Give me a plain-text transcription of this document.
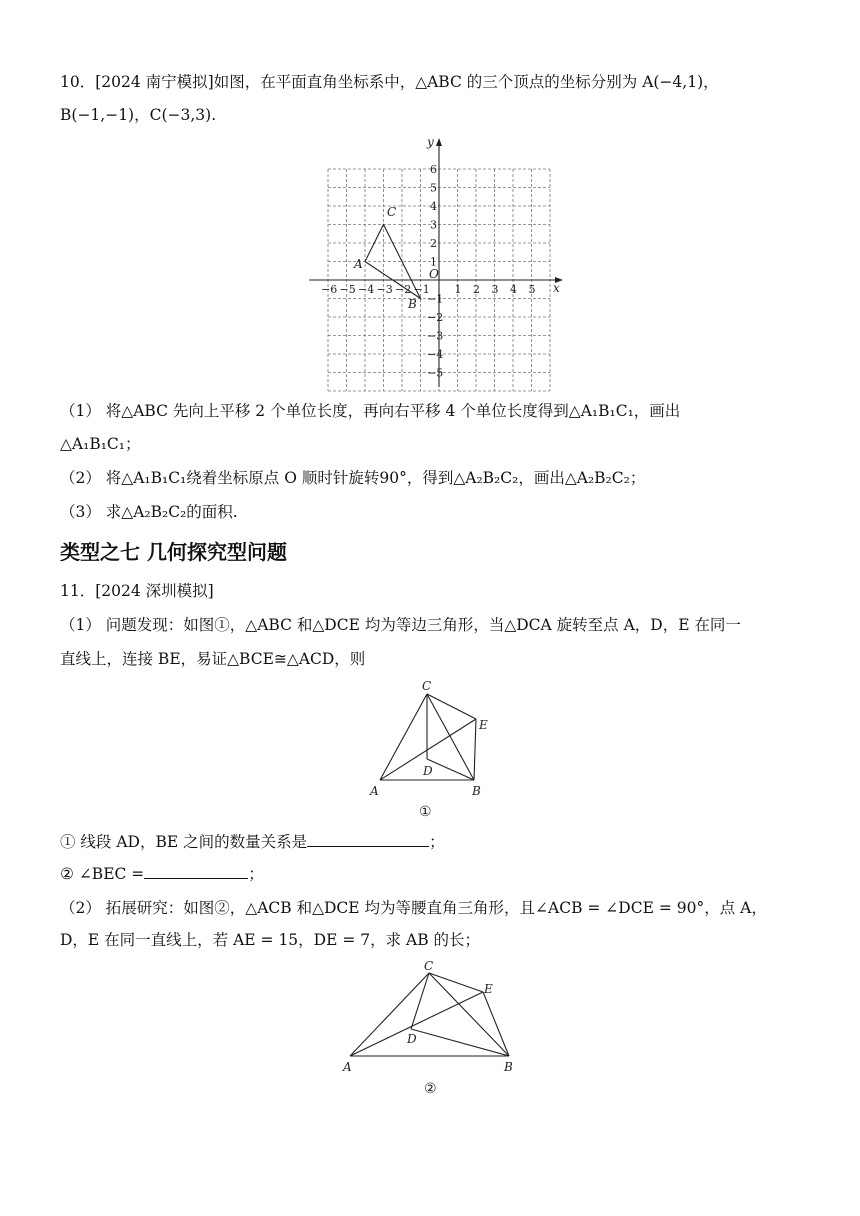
10．[2024 南宁模拟]如图，在平面直角坐标系中，△ABC 的三个顶点的坐标分别为 A(−4,1)，
B(−1,−1)，C(−3,3).
x
y
O
−6 −5 −4 −3 −2 −1 1 2 3 4 5
6
5
4
3
2
1
−1
−2
−3
−4
−5
A
B
C
（1） 将△ABC 先向上平移 2 个单位长度，再向右平移 4 个单位长度得到△A₁B₁C₁，画出
△A₁B₁C₁；
（2） 将△A₁B₁C₁绕着坐标原点 O 顺时针旋转90°，得到△A₂B₂C₂，画出△A₂B₂C₂；
（3） 求△A₂B₂C₂的面积.
类型之七 几何探究型问题
11．[2024 深圳模拟]
（1） 问题发现：如图①，△ABC 和△DCE 均为等边三角形，当△DCA 旋转至点 A，D，E 在同一
直线上，连接 BE，易证△BCE≅△ACD，则
A	B
C
D
E
①
① 线段 AD，BE 之间的数量关系是	；
② ∠BEC =	；
（2） 拓展研究：如图②，△ACB 和△DCE 均为等腰直角三角形，且∠ACB = ∠DCE = 90°，点 A，
D，E 在同一直线上，若 AE = 15，DE = 7，求 AB 的长；
A	B
C
D
E
②
